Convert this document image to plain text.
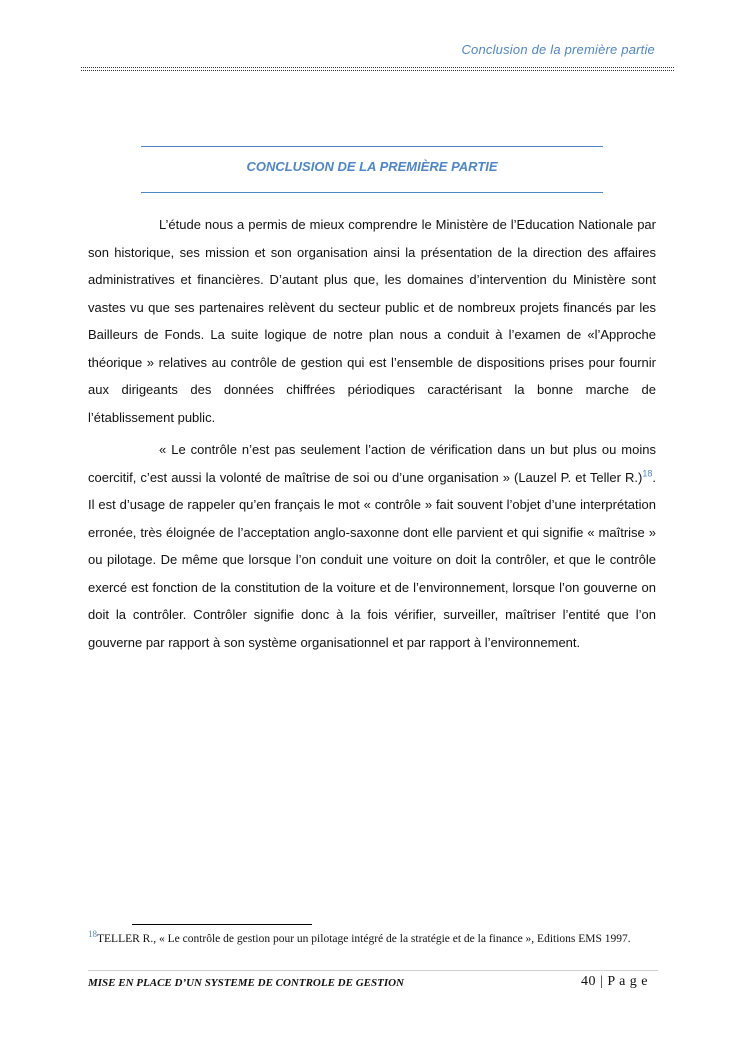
Conclusion de la première partie
CONCLUSION DE LA PREMIÈRE PARTIE

L’étude nous a permis de mieux comprendre le Ministère de l’Education Nationale par son historique, ses mission et son organisation ainsi la présentation de la direction des affaires administratives et financières. D’autant plus que, les domaines d’intervention du Ministère sont vastes vu que ses partenaires relèvent du secteur public et de nombreux projets financés par les Bailleurs de Fonds. La suite logique de notre plan nous a conduit à l’examen de «l’Approche théorique » relatives au contrôle de gestion qui est l’ensemble de dispositions prises pour fournir aux dirigeants des données chiffrées périodiques caractérisant la bonne marche de l’établissement public.

« Le contrôle n’est pas seulement l’action de vérification dans un but plus ou moins coercitif, c’est aussi la volonté de maîtrise de soi ou d’une organisation » (Lauzel P. et Teller R.)$^{18}$. Il est d’usage de rappeler qu’en français le mot « contrôle » fait souvent l’objet d’une interprétation erronée, très éloignée de l’acceptation anglo-saxonne dont elle parvient et qui signifie « maîtrise » ou pilotage. De même que lorsque l’on conduit une voiture on doit la contrôler, et que le contrôle exercé est fonction de la constitution de la voiture et de l’environnement, lorsque l’on gouverne on doit la contrôler. Contrôler signifie donc à la fois vérifier, surveiller, maîtriser l’entité que l’on gouverne par rapport à son système organisationnel et par rapport à l’environnement.

$^{18}$TELLER R., « Le contrôle de gestion pour un pilotage intégré de la stratégie et de la finance », Editions EMS 1997.
MISE EN PLACE D’UN SYSTEME DE CONTROLE DE GESTION	40 | P a g e
